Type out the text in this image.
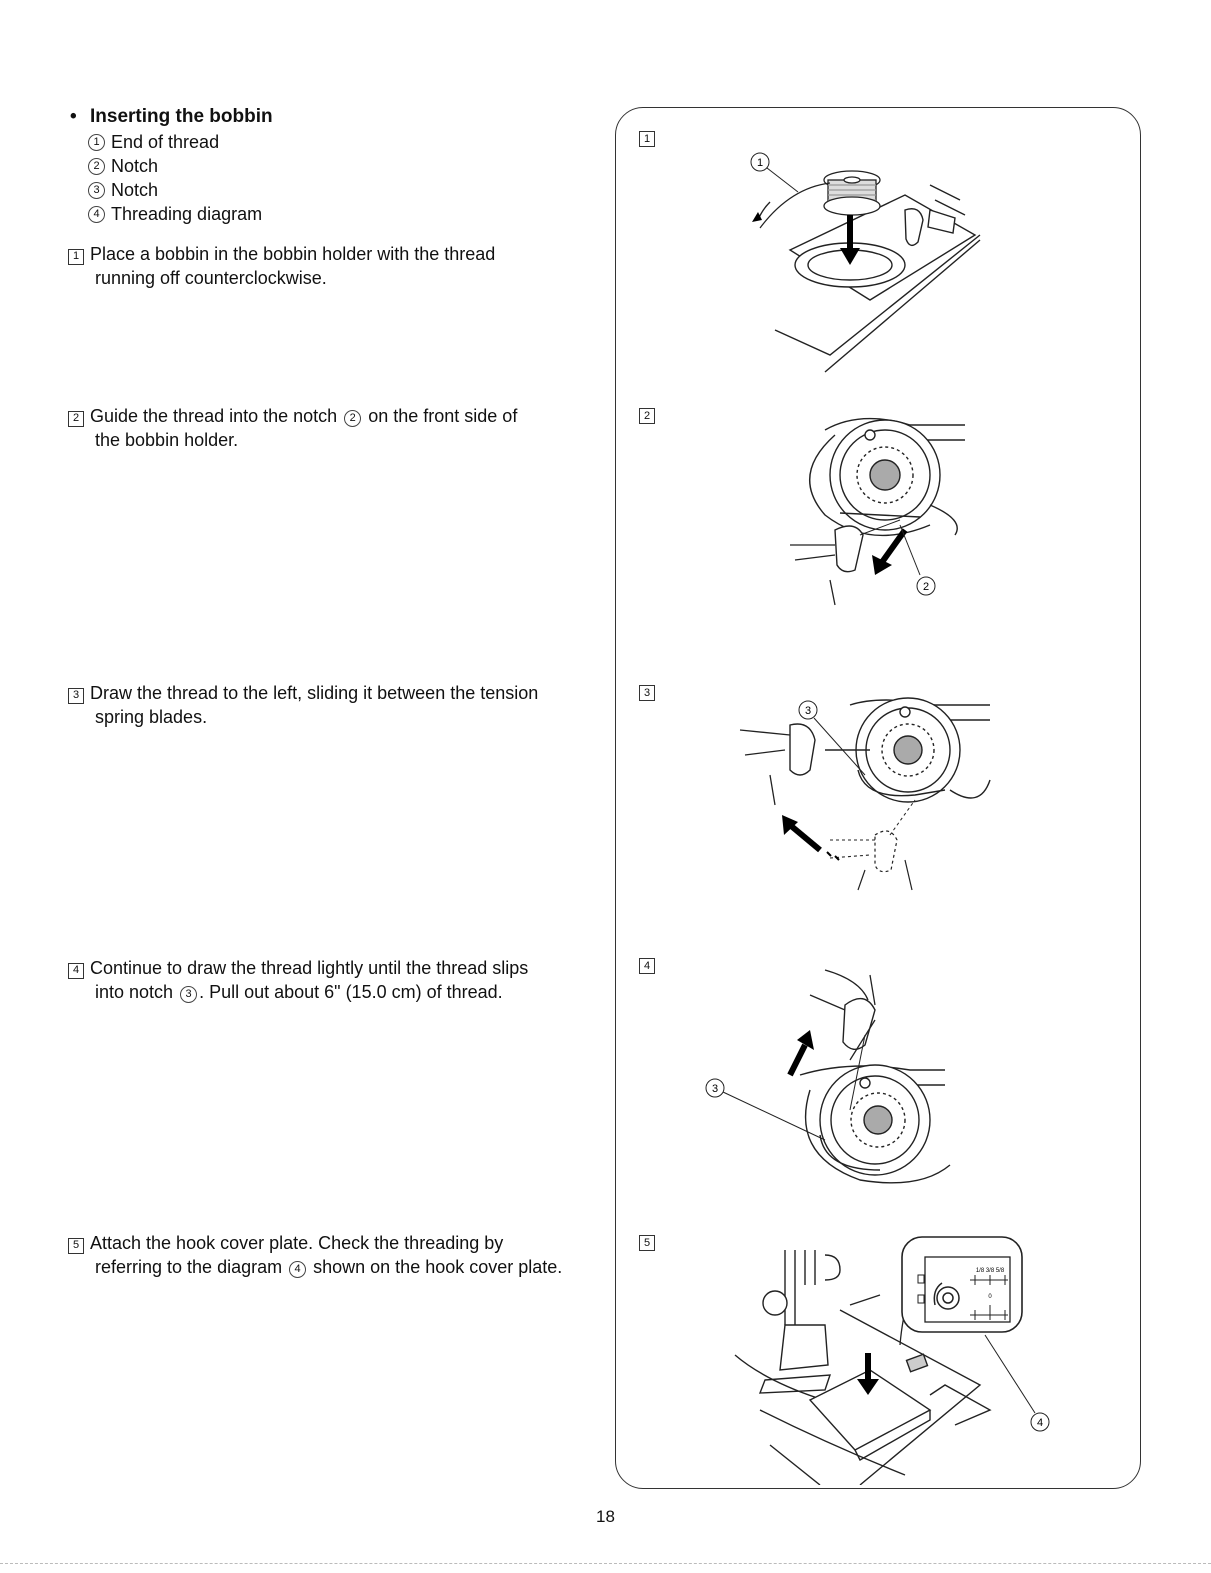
• Inserting the bobbin
1 End of thread
2 Notch
3 Notch
4 Threading diagram

1 Place a bobbin in the bobbin holder with the thread
running off counterclockwise.

2 Guide the thread into the notch 2 on the front side of
the bobbin holder.

3 Draw the thread to the left, sliding it between the tension
spring blades.

4 Continue to draw the thread lightly until the thread slips
into notch 3 . Pull out about 6" (15.0 cm) of thread.

5 Attach the hook cover plate. Check the threading by
referring to the diagram 4 shown on the hook cover plate.

1
2
3
4
5
1
2
3
3
1/8 3/8 5/8
0
4
18
